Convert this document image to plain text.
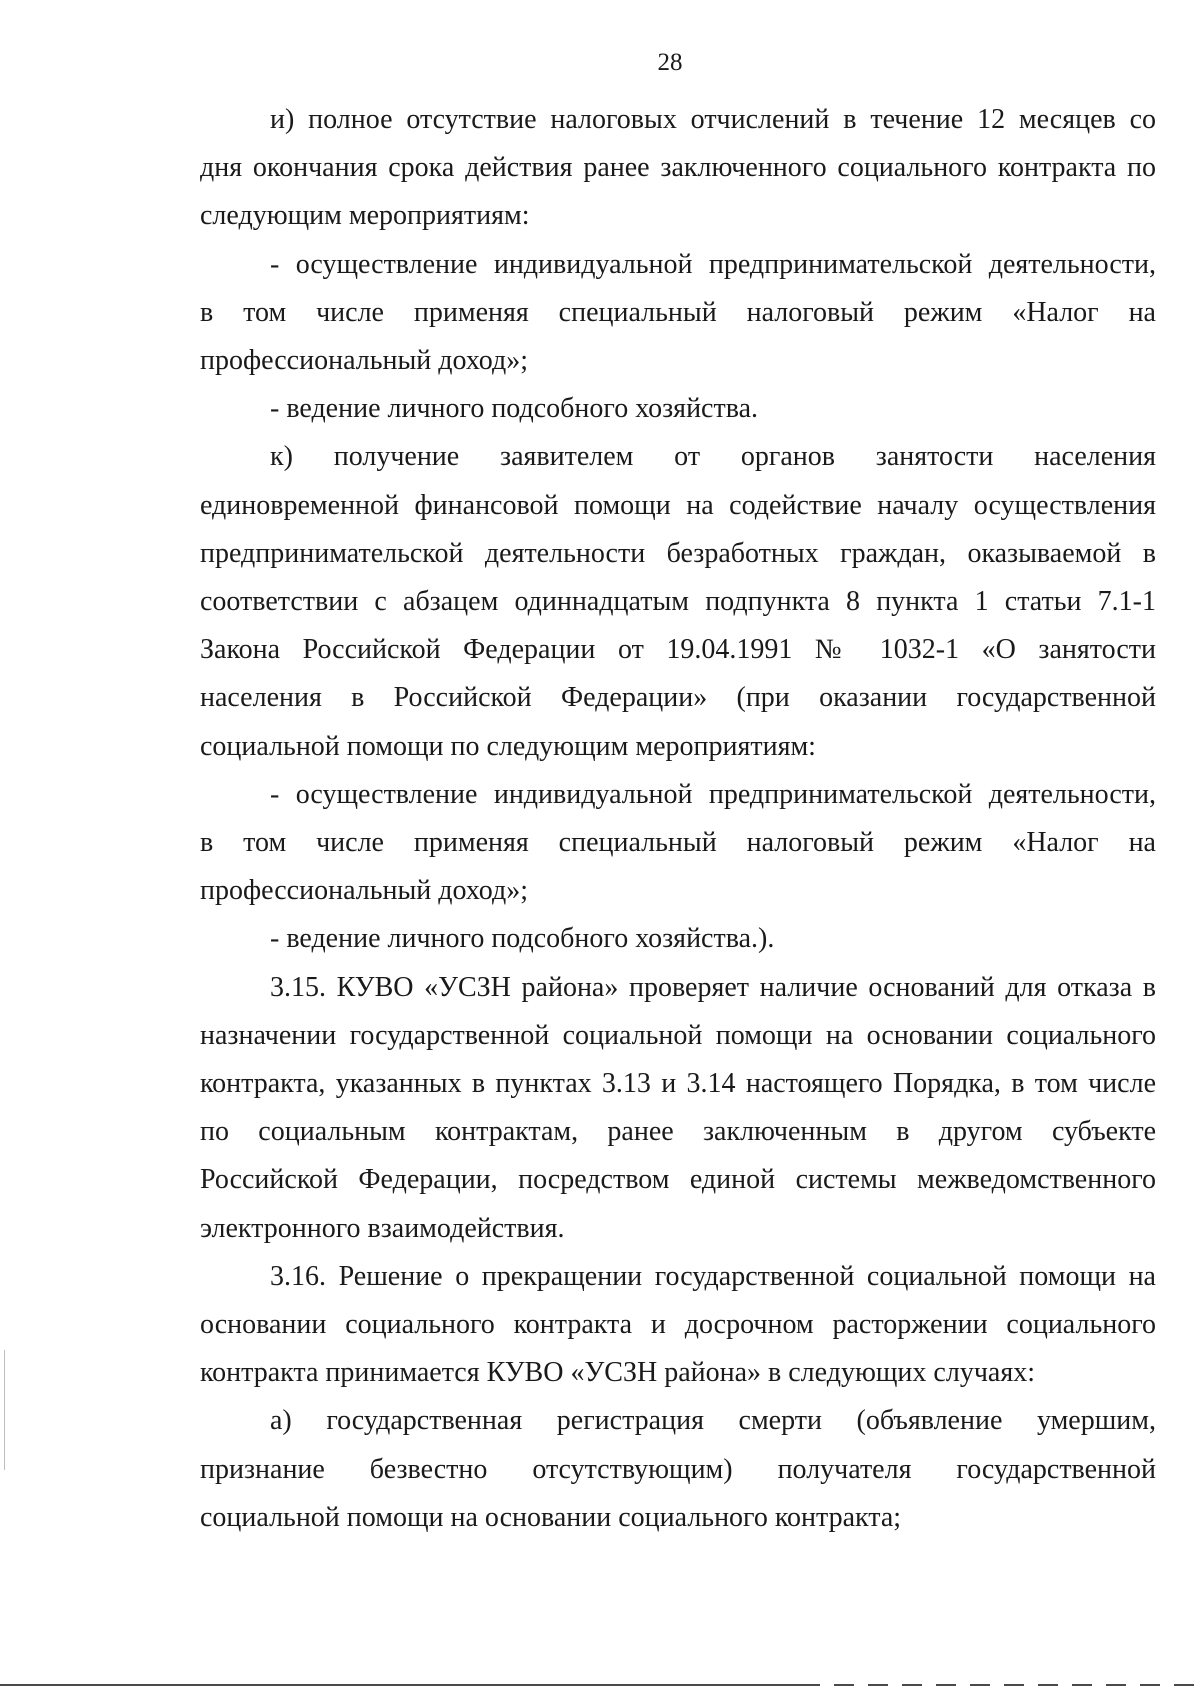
28
и) полное отсутствие налоговых отчислений в течение 12 месяцев со
дня окончания срока действия ранее заключенного социального контракта по
следующим мероприятиям:
- осуществление индивидуальной предпринимательской деятельности,
в том числе применяя специальный налоговый режим «Налог на
профессиональный доход»;
- ведение личного подсобного хозяйства.
к) получение заявителем от органов занятости населения
единовременной финансовой помощи на содействие началу осуществления
предпринимательской деятельности безработных граждан, оказываемой в
соответствии с абзацем одиннадцатым подпункта 8 пункта 1 статьи 7.1-1
Закона Российской Федерации от 19.04.1991 № 1032-1 «О занятости
населения в Российской Федерации» (при оказании государственной
социальной помощи по следующим мероприятиям:
- осуществление индивидуальной предпринимательской деятельности,
в том числе применяя специальный налоговый режим «Налог на
профессиональный доход»;
- ведение личного подсобного хозяйства.).
3.15. КУВО «УСЗН района» проверяет наличие оснований для отказа в
назначении государственной социальной помощи на основании социального
контракта, указанных в пунктах 3.13 и 3.14 настоящего Порядка, в том числе
по социальным контрактам, ранее заключенным в другом субъекте
Российской Федерации, посредством единой системы межведомственного
электронного взаимодействия.
3.16. Решение о прекращении государственной социальной помощи на
основании социального контракта и досрочном расторжении социального
контракта принимается КУВО «УСЗН района» в следующих случаях:
а) государственная регистрация смерти (объявление умершим,
признание безвестно отсутствующим) получателя государственной
социальной помощи на основании социального контракта;
